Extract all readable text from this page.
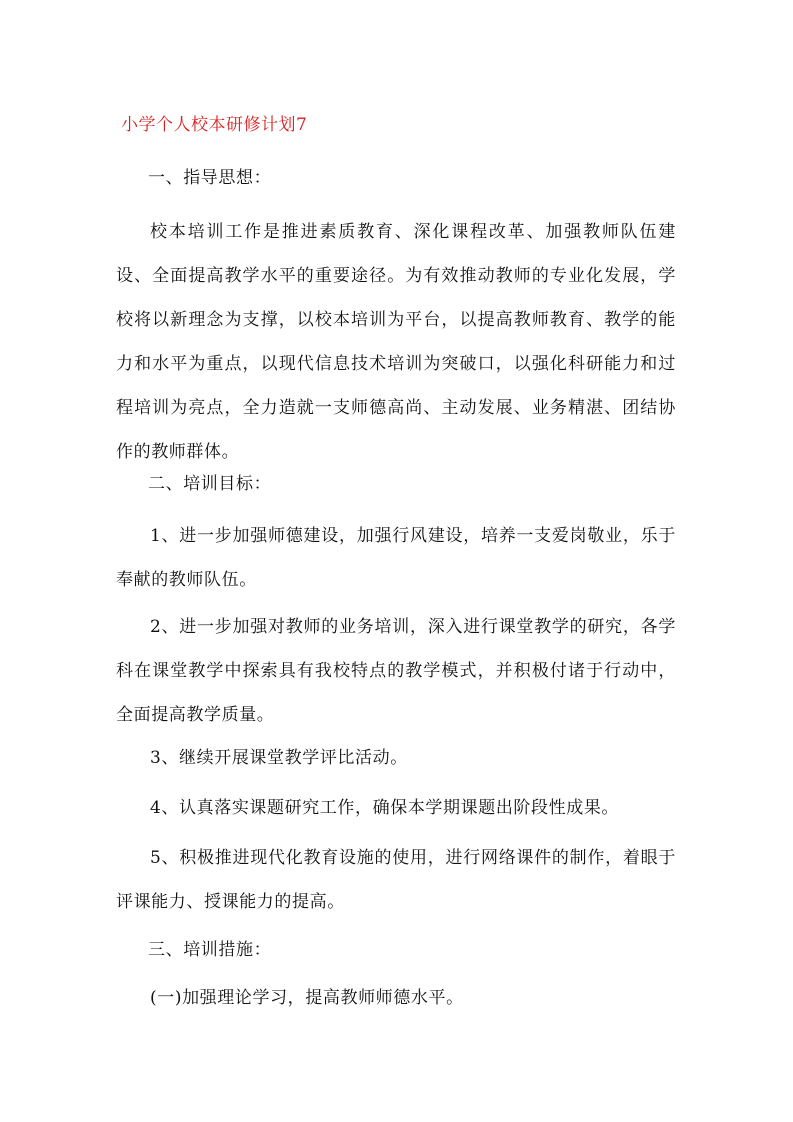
小学个人校本研修计划7

一、指导思想：

校本培训工作是推进素质教育、深化课程改革、加强教师队伍建设、全面提高教学水平的重要途径。为有效推动教师的专业化发展，学校将以新理念为支撑，以校本培训为平台，以提高教师教育、教学的能力和水平为重点，以现代信息技术培训为突破口，以强化科研能力和过程培训为亮点，全力造就一支师德高尚、主动发展、业务精湛、团结协作的教师群体。

二、培训目标：

1、进一步加强师德建设，加强行风建设，培养一支爱岗敬业，乐于奉献的教师队伍。

2、进一步加强对教师的业务培训，深入进行课堂教学的研究，各学科在课堂教学中探索具有我校特点的教学模式，并积极付诸于行动中，全面提高教学质量。

3、继续开展课堂教学评比活动。

4、认真落实课题研究工作，确保本学期课题出阶段性成果。

5、积极推进现代化教育设施的使用，进行网络课件的制作，着眼于评课能力、授课能力的提高。

三、培训措施：

(一)加强理论学习，提高教师师德水平。
